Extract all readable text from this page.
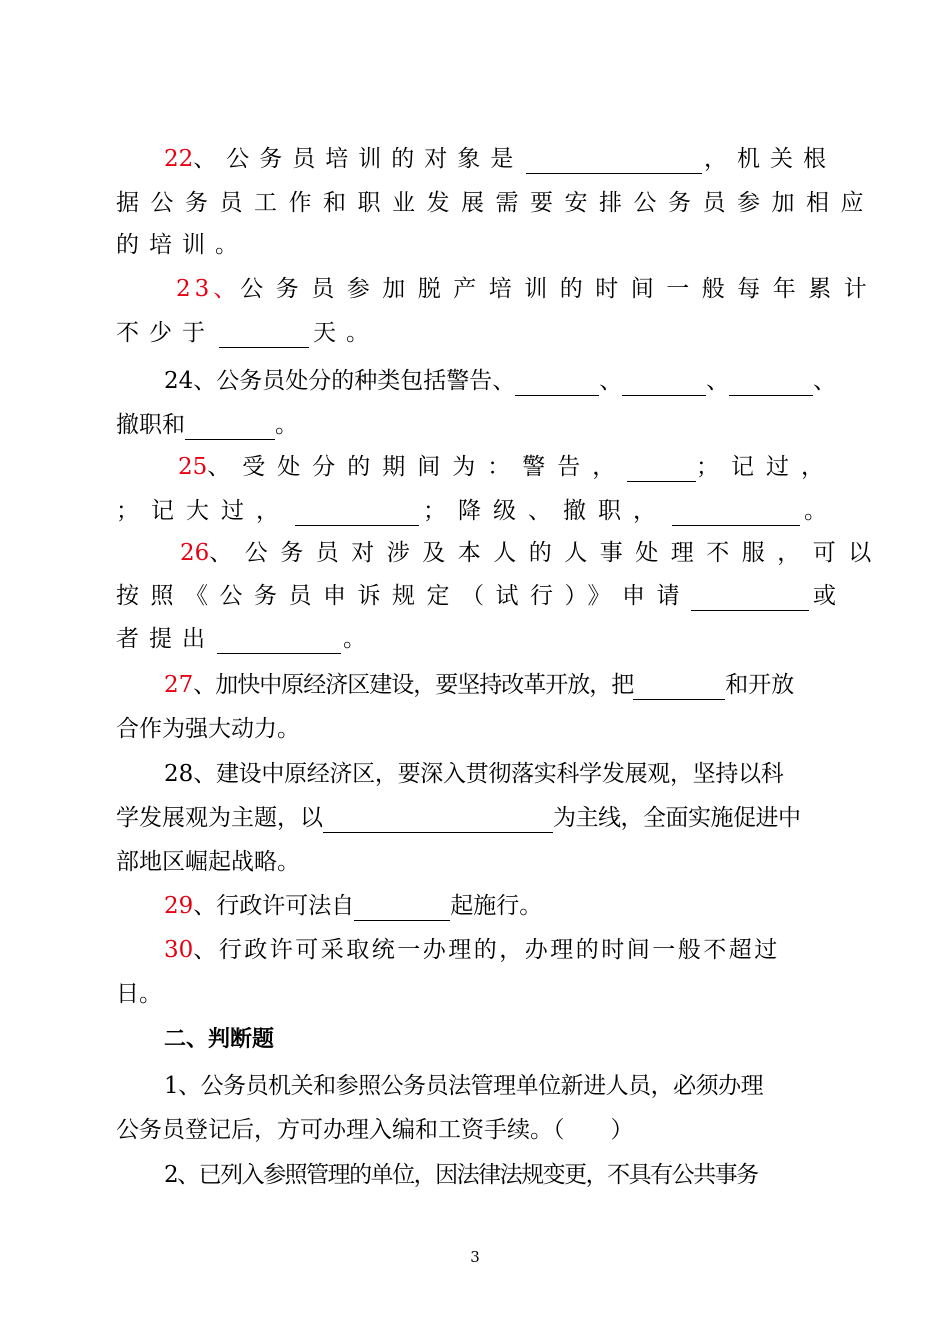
22、公务员培训的对象是	，机关根
据公务员工作和职业发展需要安排公务员参加相应
的培训。
23、 公务员参加脱产培训的时间一般每年累计
不少于	天。
24 、公务员处分的种类包括警告、	、	、	、
撤职和	。
25、受处分的期间为：警告，	；记过，
；记大过，	；降级、撤职，	。
26 、公务员对涉及本人的人事处理不服，可以
按照《公务员申诉规定（试行）》申请	或
者提出	。
27 、加快中原经济区建设，要坚持改革开放，把	和开放
合作为强大动力。
28 、建设中原经济区，要深入贯彻落实科学发展观，坚持以科
学发展观为主题，以	为主线，全面实施促进中
部地区崛起战略。
29 、行政许可法自	起施行。
30 、行政许可采取统一办理的，办理的时间一般不超过
日。
二、判断题
1、公务员机关和参照公务员法管理单位新进人员，必须办理
公务员登记后，方可办理入编和工资手续。（　　）
2、已列入参照管理的单位，因法律法规变更，不具有公共事务
3
